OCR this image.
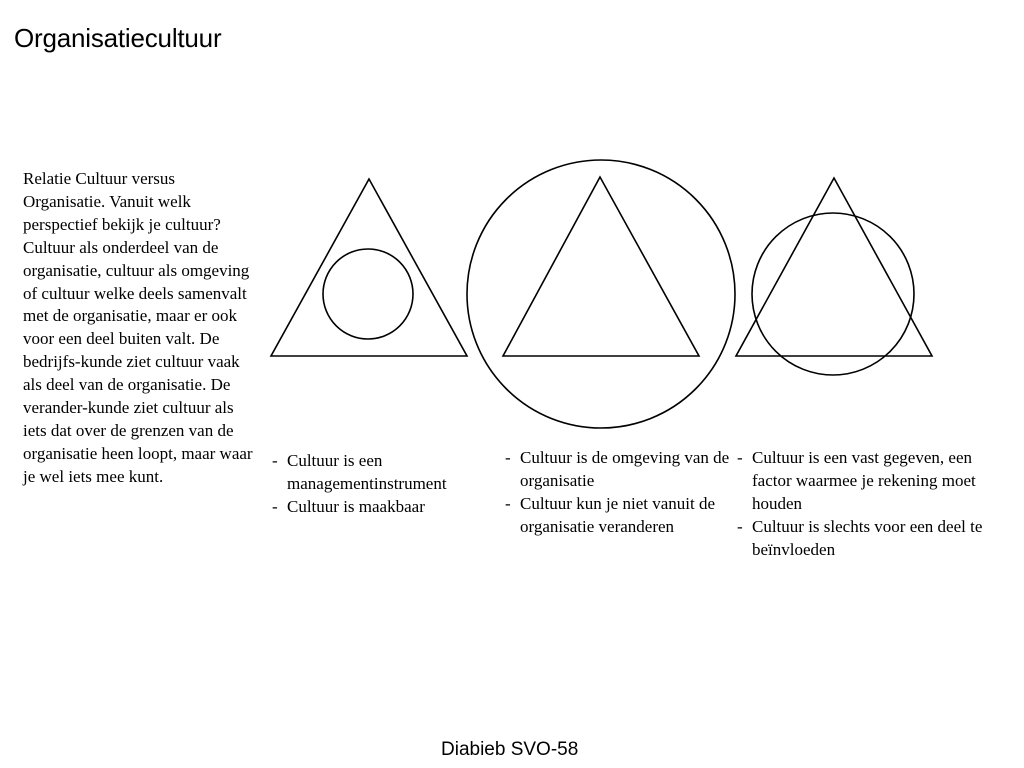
Organisatiecultuur
Relatie Cultuur versus Organisatie. Vanuit welk perspectief bekijk je cultuur? Cultuur als onderdeel van de organisatie, cultuur als omgeving of cultuur welke deels samenvalt met de organisatie, maar er ook voor een deel buiten valt. De bedrijfs-kunde ziet cultuur vaak als deel van de organisatie. De verander-kunde ziet cultuur als iets dat over de grenzen van de organisatie heen loopt, maar waar je wel iets mee kunt.
- Cultuur is een managementinstrument
- Cultuur is maakbaar
- Cultuur is de omgeving van de organisatie
- Cultuur kun je niet vanuit de organisatie veranderen
- Cultuur is een vast gegeven, een factor waarmee je rekening moet houden
- Cultuur is slechts voor een deel te beïnvloeden
Diabieb SVO-58
